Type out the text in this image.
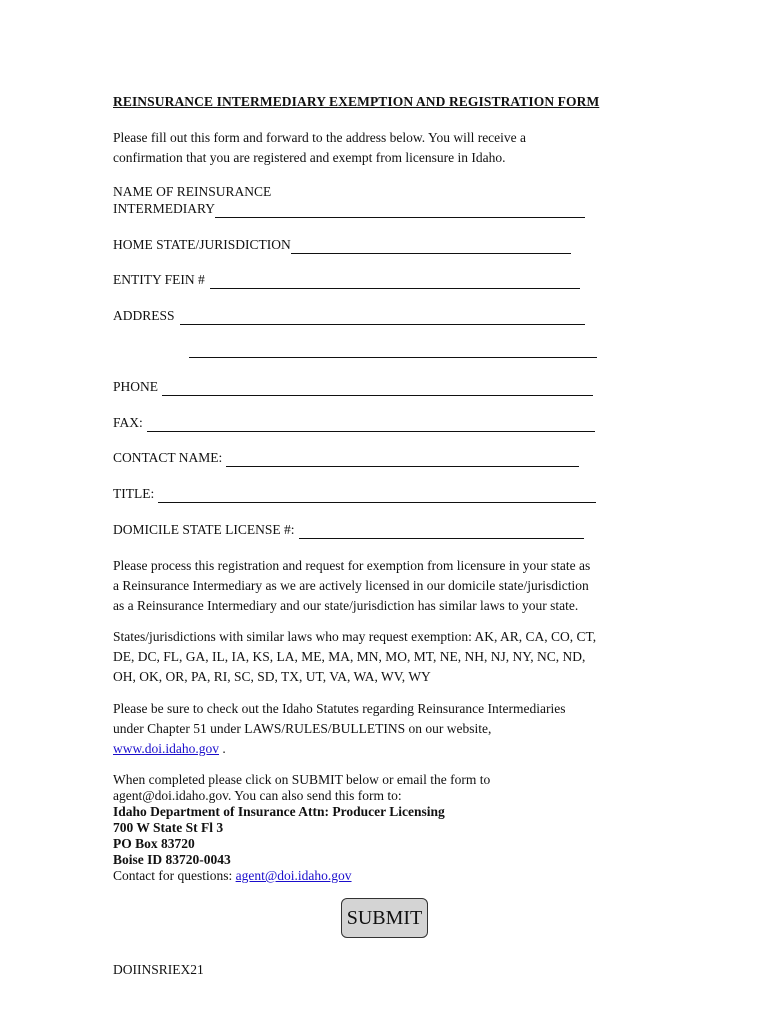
REINSURANCE INTERMEDIARY EXEMPTION AND REGISTRATION FORM

Please fill out this form and forward to the address below. You will receive a

confirmation that you are registered and exempt from licensure in Idaho.

NAME OF REINSURANCE
INTERMEDIARY
HOME STATE/JURISDICTION
ENTITY FEIN #
ADDRESS
PHONE
FAX:
CONTACT NAME:
TITLE:
DOMICILE STATE LICENSE #:

Please process this registration and request for exemption from licensure in your state as

a Reinsurance Intermediary as we are actively licensed in our domicile state/jurisdiction

as a Reinsurance Intermediary and our state/jurisdiction has similar laws to your state.

States/jurisdictions with similar laws who may request exemption: AK, AR, CA, CO, CT,

DE, DC, FL, GA, IL, IA, KS, LA, ME, MA, MN, MO, MT, NE, NH, NJ, NY, NC, ND,

OH, OK, OR, PA, RI, SC, SD, TX, UT, VA, WA, WV, WY

Please be sure to check out the Idaho Statutes regarding Reinsurance Intermediaries

under Chapter 51 under LAWS/RULES/BULLETINS on our website,

www.doi.idaho.gov .

When completed please click on SUBMIT below or email the form to
agent@doi.idaho.gov. You can also send this form to:
Idaho Department of Insurance Attn: Producer Licensing
700 W State St Fl 3
PO Box 83720
Boise ID 83720-0043
Contact for questions: agent@doi.idaho.gov
SUBMIT
DOIINSRIEX21
